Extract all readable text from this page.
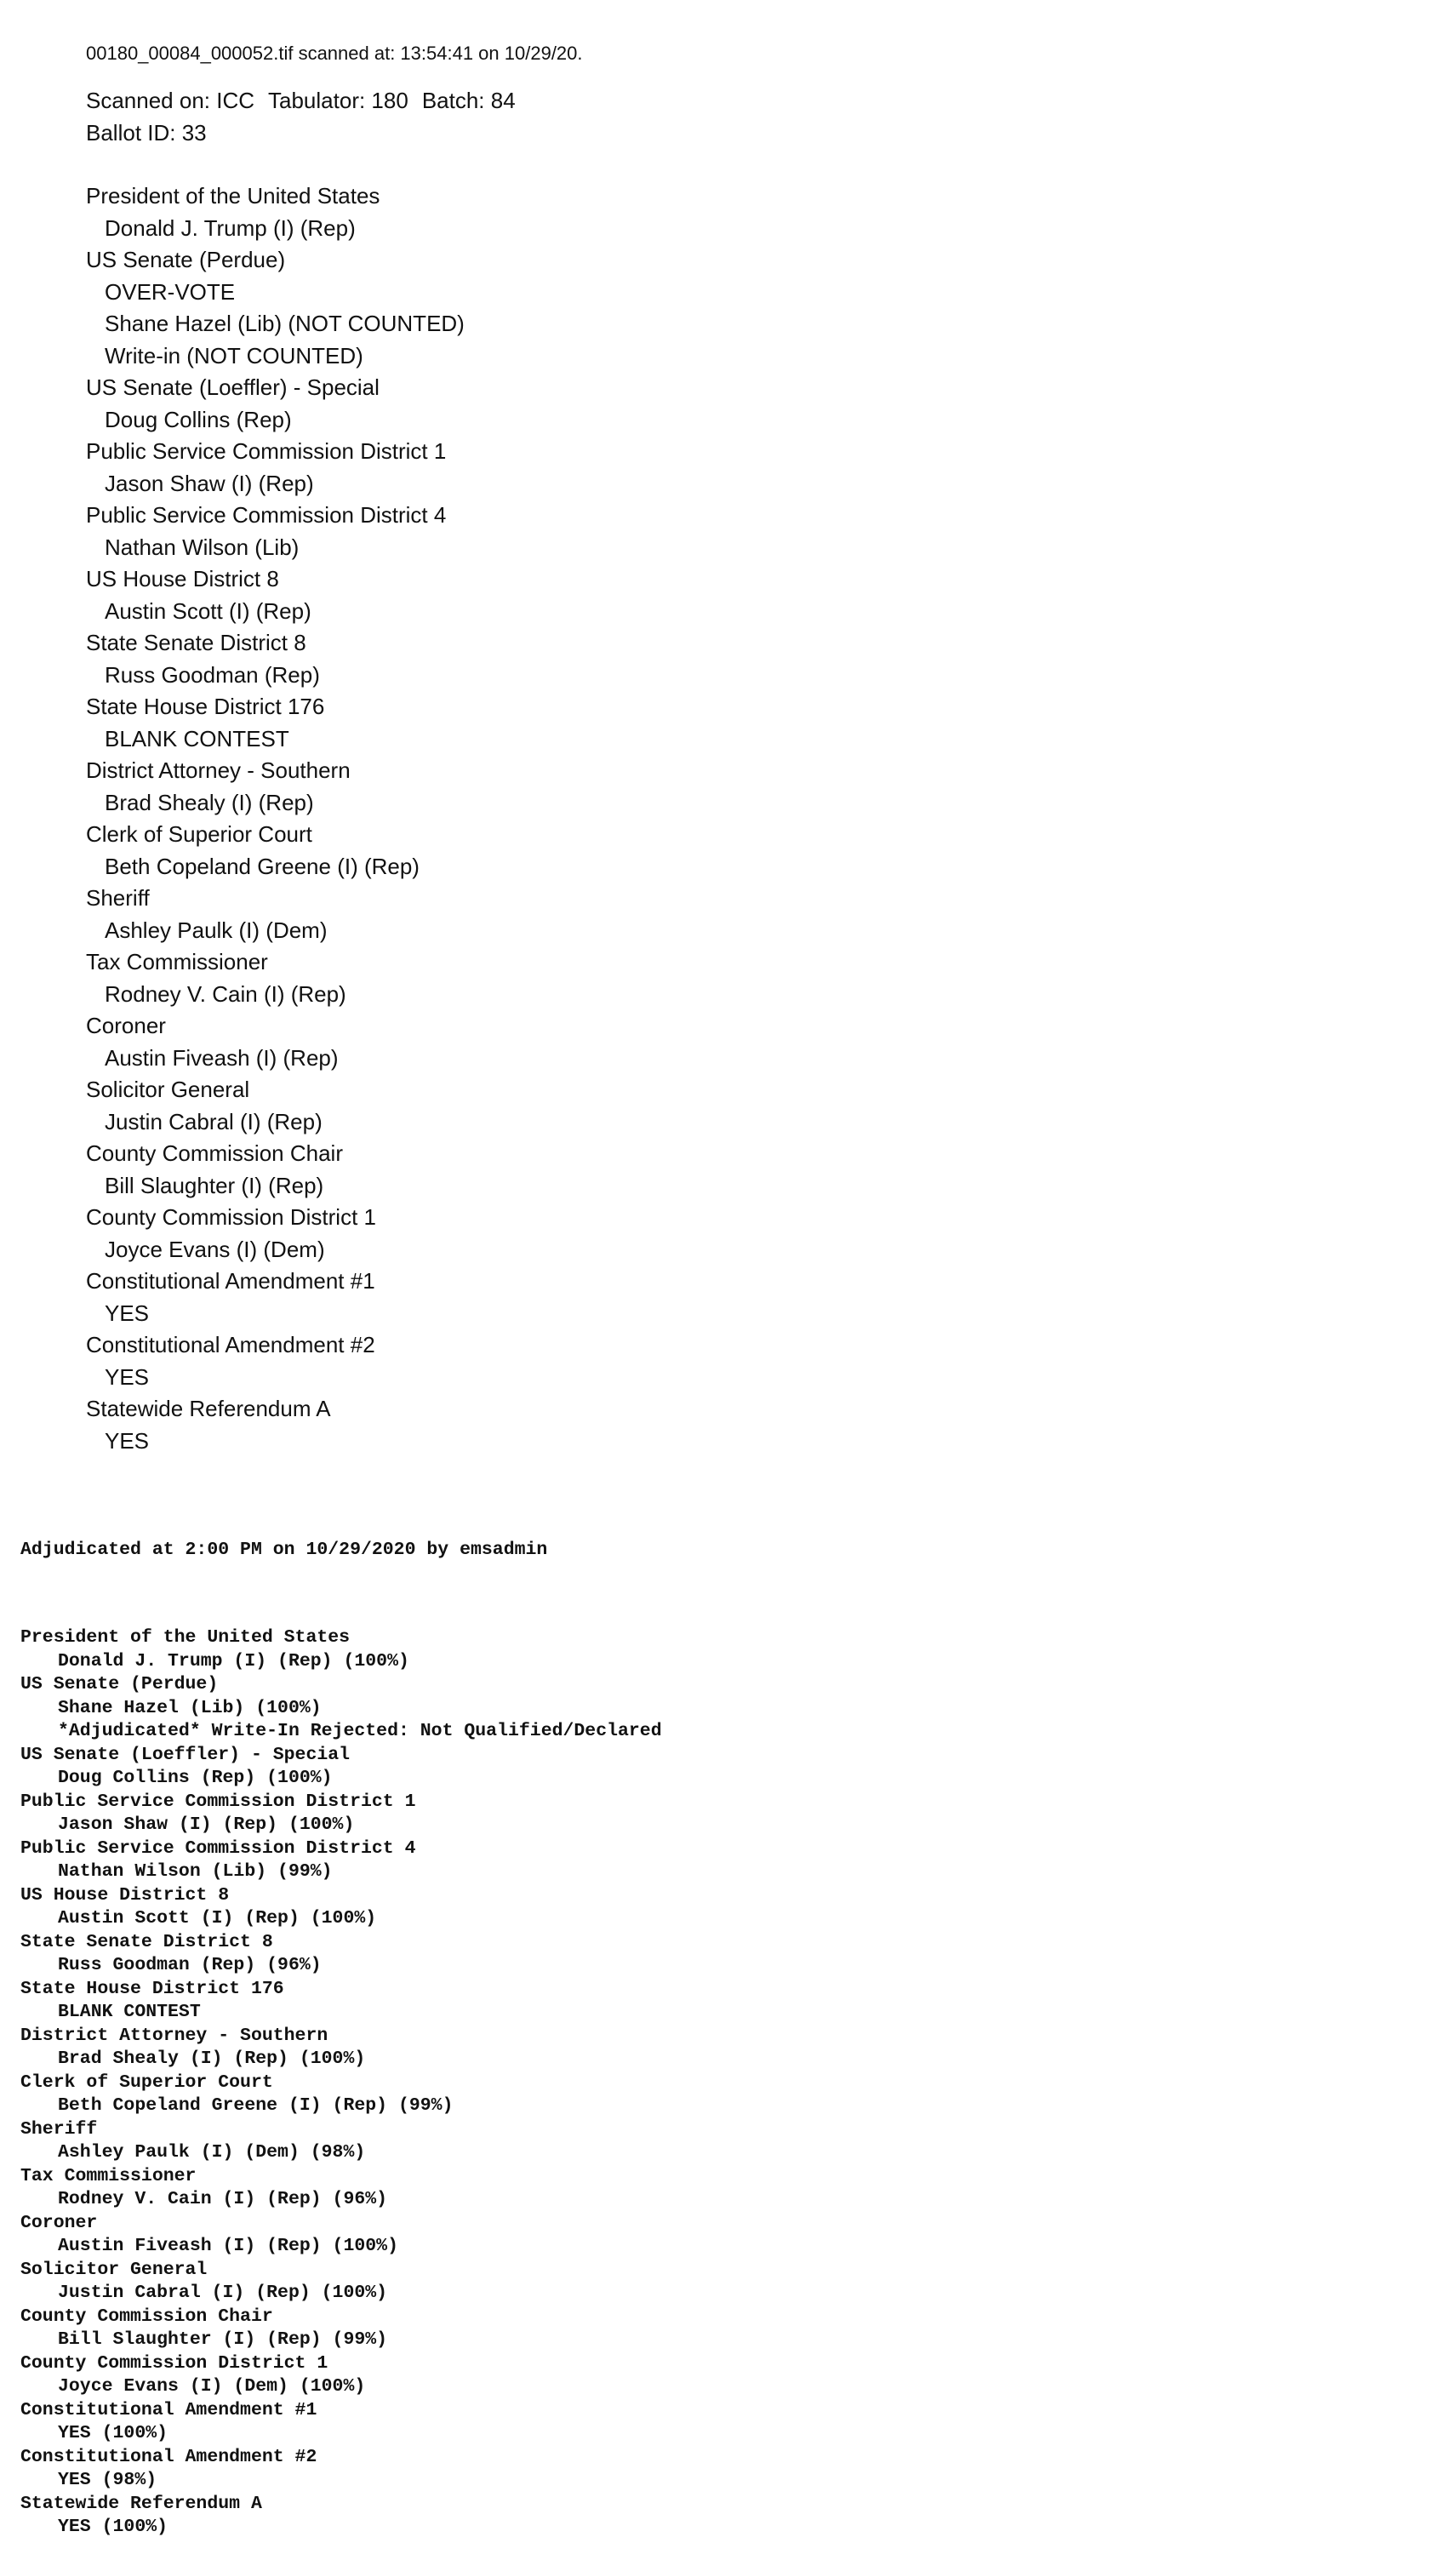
00180_00084_000052.tif scanned at: 13:54:41 on 10/29/20.
Scanned on: ICC Tabulator: 180 Batch: 84
Ballot ID: 33
President of the United States
Donald J. Trump (I) (Rep)
US Senate (Perdue)
OVER-VOTE
Shane Hazel (Lib) (NOT COUNTED)
Write-in (NOT COUNTED)
US Senate (Loeffler) - Special
Doug Collins (Rep)
Public Service Commission District 1
Jason Shaw (I) (Rep)
Public Service Commission District 4
Nathan Wilson (Lib)
US House District 8
Austin Scott (I) (Rep)
State Senate District 8
Russ Goodman (Rep)
State House District 176
BLANK CONTEST
District Attorney - Southern
Brad Shealy (I) (Rep)
Clerk of Superior Court
Beth Copeland Greene (I) (Rep)
Sheriff
Ashley Paulk (I) (Dem)
Tax Commissioner
Rodney V. Cain (I) (Rep)
Coroner
Austin Fiveash (I) (Rep)
Solicitor General
Justin Cabral (I) (Rep)
County Commission Chair
Bill Slaughter (I) (Rep)
County Commission District 1
Joyce Evans (I) (Dem)
Constitutional Amendment #1
YES
Constitutional Amendment #2
YES
Statewide Referendum A
YES

Adjudicated at 2:00 PM on 10/29/2020 by emsadmin

President of the United States
Donald J. Trump (I) (Rep) (100%)
US Senate (Perdue)
Shane Hazel (Lib) (100%)
*Adjudicated* Write-In Rejected: Not Qualified/Declared
US Senate (Loeffler) - Special
Doug Collins (Rep) (100%)
Public Service Commission District 1
Jason Shaw (I) (Rep) (100%)
Public Service Commission District 4
Nathan Wilson (Lib) (99%)
US House District 8
Austin Scott (I) (Rep) (100%)
State Senate District 8
Russ Goodman (Rep) (96%)
State House District 176
BLANK CONTEST
District Attorney - Southern
Brad Shealy (I) (Rep) (100%)
Clerk of Superior Court
Beth Copeland Greene (I) (Rep) (99%)
Sheriff
Ashley Paulk (I) (Dem) (98%)
Tax Commissioner
Rodney V. Cain (I) (Rep) (96%)
Coroner
Austin Fiveash (I) (Rep) (100%)
Solicitor General
Justin Cabral (I) (Rep) (100%)
County Commission Chair
Bill Slaughter (I) (Rep) (99%)
County Commission District 1
Joyce Evans (I) (Dem) (100%)
Constitutional Amendment #1
YES (100%)
Constitutional Amendment #2
YES (98%)
Statewide Referendum A
YES (100%)
